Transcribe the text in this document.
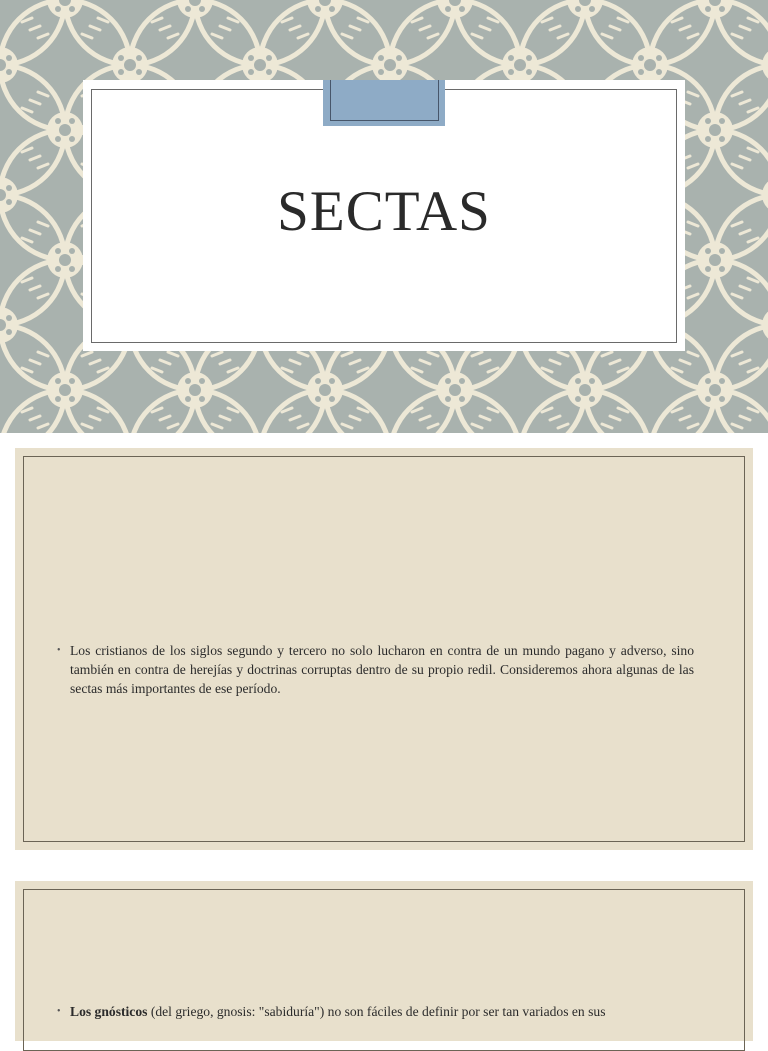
SECTAS
• Los cristianos de los siglos segundo y tercero no solo lucharon en contra de un mundo pagano y adverso, sino también en contra de herejías y doctrinas corruptas dentro de su propio redil. Consideremos ahora algunas de las sectas más importantes de ese período.
• Los gnósticos (del griego, gnosis: "sabiduría") no son fáciles de definir por ser tan variados en sus
